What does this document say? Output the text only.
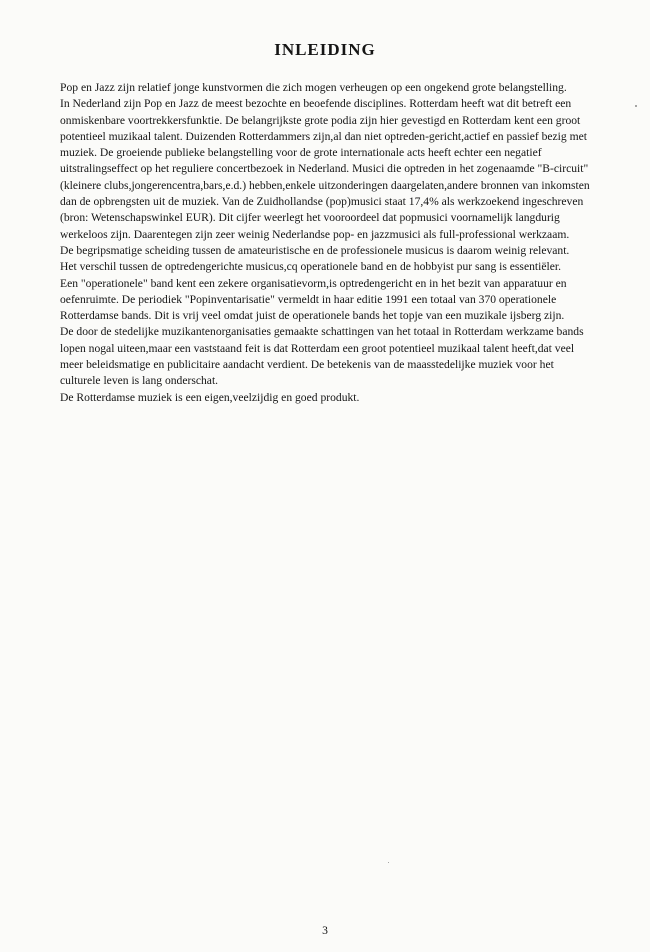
INLEIDING
Pop en Jazz zijn relatief jonge kunstvormen die zich mogen verheugen op een ongekend grote belangstelling.
In Nederland zijn Pop en Jazz de meest bezochte en beoefende disciplines. Rotterdam heeft wat dit betreft een
onmiskenbare voortrekkersfunktie. De belangrijkste grote podia zijn hier gevestigd en Rotterdam kent een groot
potentieel muzikaal talent. Duizenden Rotterdammers zijn,al dan niet optreden-gericht,actief en passief bezig met
muziek. De groeiende publieke belangstelling voor de grote internationale acts heeft echter een negatief
uitstralingseffect op het reguliere concertbezoek in Nederland. Musici die optreden in het zogenaamde "B-circuit"
(kleinere clubs,jongerencentra,bars,e.d.) hebben,enkele uitzonderingen daargelaten,andere bronnen van inkomsten
dan de opbrengsten uit de muziek. Van de Zuidhollandse (pop)musici staat 17,4% als werkzoekend ingeschreven
(bron: Wetenschapswinkel EUR). Dit cijfer weerlegt het vooroordeel dat popmusici voornamelijk langdurig
werkeloos zijn. Daarentegen zijn zeer weinig Nederlandse pop- en jazzmusici als full-professional werkzaam.
De begripsmatige scheiding tussen de amateuristische en de professionele musicus is daarom weinig relevant.
Het verschil tussen de optredengerichte musicus,cq operationele band en de hobbyist pur sang is essentiëler.
Een "operationele" band kent een zekere organisatievorm,is optredengericht en in het bezit van apparatuur en
oefenruimte. De periodiek "Popinventarisatie" vermeldt in haar editie 1991 een totaal van 370 operationele
Rotterdamse bands. Dit is vrij veel omdat juist de operationele bands het topje van een muzikale ijsberg zijn.
De door de stedelijke muzikantenorganisaties gemaakte schattingen van het totaal in Rotterdam werkzame bands
lopen nogal uiteen,maar een vaststaand feit is dat Rotterdam een groot potentieel muzikaal talent heeft,dat veel
meer beleidsmatige en publicitaire aandacht verdient. De betekenis van de maasstedelijke muziek voor het
culturele leven is lang onderschat.
De Rotterdamse muziek is een eigen,veelzijdig en goed produkt.
3
